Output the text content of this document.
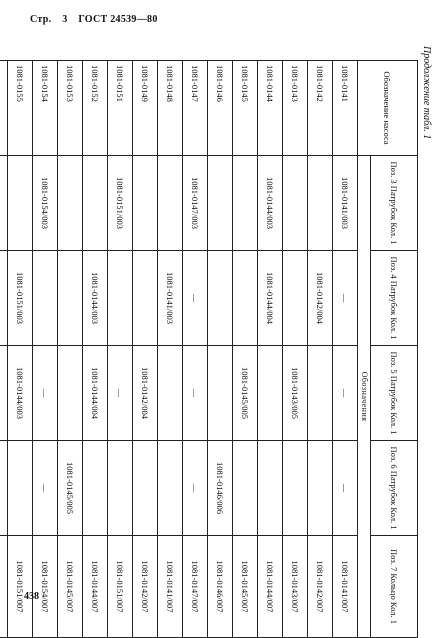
Стр. 3 ГОСТ 24539—80
Продолжение табл. 1
Обозначение насоса	Поз. 3 Патрубок Кол. 1	Поз. 4 Патрубок Кол. 1	Поз. 5 Патрубок Кол. 1	Поз. 6 Патрубок Кол. 1	Поз. 7 Кольцо Кол. 1
	Обозначения				
1081-0141	1081-0141/003	—	—	—	1081-0141/007
1081-0142		1081-0142/004			1081-0142/007
1081-0143			1081-0143/005		1081-0143/007
1081-0144	1081-0144/003	1081-0144/004			1081-0144/007
1081-0145			1081-0145/005		1081-0145/007
1081-0146				1081-0146/006	1081-0146/007
1081-0147	1081-0147/003	—	—	—	1081-0147/007
1081-0148		1081-0141/003			1081-0141/007
1081-0149			1081-0142/004		1081-0142/007
1081-0151	1081-0151/003		—		1081-0151/007
1081-0152		1081-0144/003	1081-0144/004		1081-0144/007
1081-0153				1081-0145/005	1081-0145/007
1081-0154	1081-0154/003		—	—	1081-0154/007
1081-0155		1081-0151/003	1081-0144/003		1081-0151/007

					438
